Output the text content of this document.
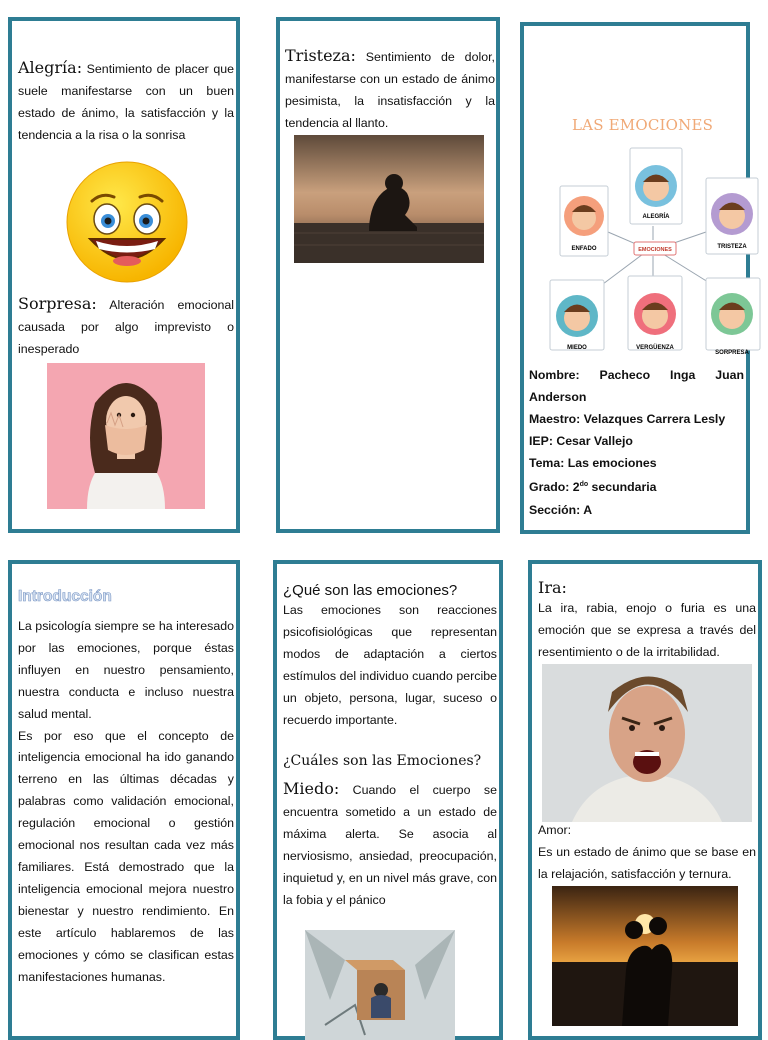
Alegría: Sentimiento de placer que suele manifestarse con un buen estado de ánimo, la satisfacción y la tendencia a la risa o la sonrisa
Sorpresa: Alteración emocional causada por algo imprevisto o inesperado
Tristeza: Sentimiento de dolor, manifestarse con un estado de ánimo pesimista, la insatisfacción y la tendencia al llanto.	LAS EMOCIONES
ENFADO
ALEGRÍA
TRISTEZA
EMOCIONES
MIEDO	VERGÜENZA
SORPRESA
Nombre: Pacheco Inga Juan Anderson
Maestro: Velazques Carrera Lesly
IEP: Cesar Vallejo
Tema: Las emociones
Grado: $2^{do}$ secundaria
Sección: A
Introducción

La psicología siempre se ha interesado por las emociones, porque éstas influyen en nuestro pensamiento, nuestra conducta e incluso nuestra salud mental.

Es por eso que el concepto de inteligencia emocional ha ido ganando terreno en las últimas décadas y palabras como validación emocional, regulación emocional o gestión emocional nos resultan cada vez más familiares. Está demostrado que la inteligencia emocional mejora nuestro bienestar y nuestro rendimiento. En este artículo hablaremos de las emociones y cómo se clasifican estas manifestaciones humanas.

¿Qué son las emociones?
Las emociones son reacciones psicofisiológicas que representan modos de adaptación a ciertos estímulos del individuo cuando percibe un objeto, persona, lugar, suceso o recuerdo importante.
¿Cuáles son las Emociones?
Miedo: Cuando el cuerpo se encuentra sometido a un estado de máxima alerta. Se asocia al nerviosismo, ansiedad, preocupación, inquietud y, en un nivel más grave, con la fobia y el pánico
Ira:
La ira, rabia, enojo o furia es una emoción que se expresa a través del resentimiento o de la irritabilidad.
Amor:
Es un estado de ánimo que se base en la relajación, satisfacción y ternura.
